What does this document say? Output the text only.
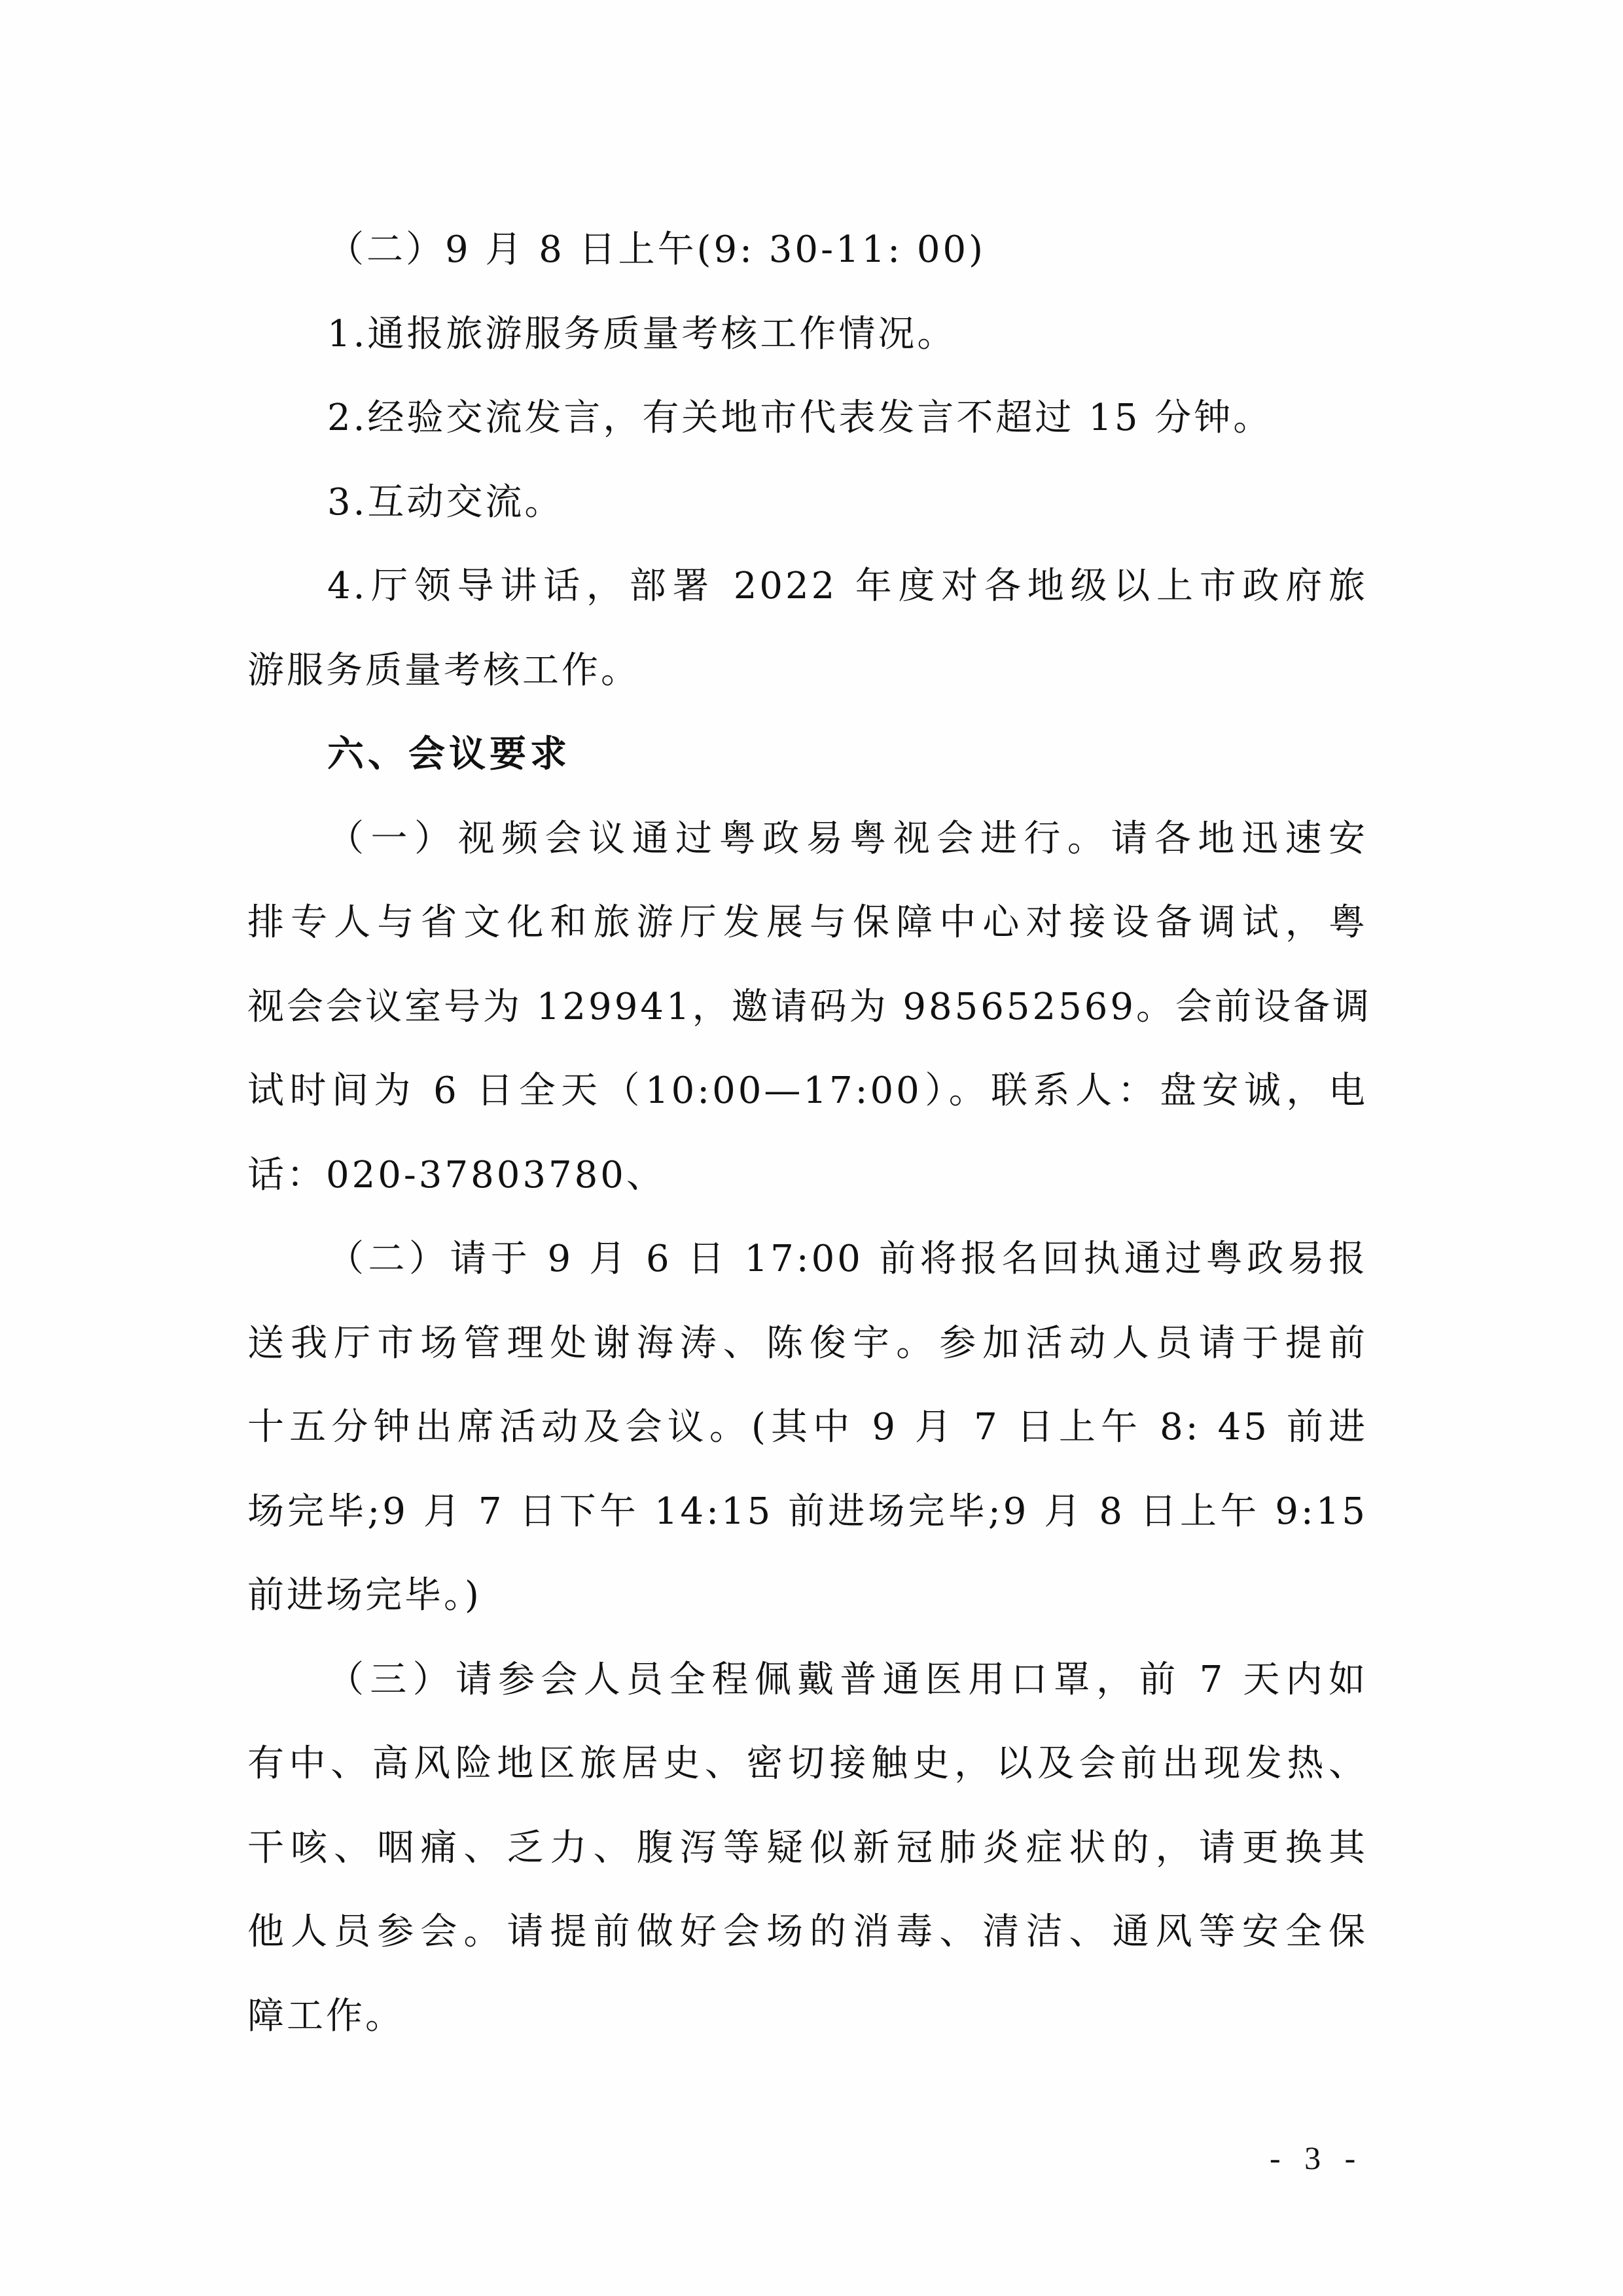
（二）9 月 8 日上午(9: 30-11: 00)
1.通报旅游服务质量考核工作情况。
2.经验交流发言，有关地市代表发言不超过 15 分钟。
3.互动交流。
4.厅领导讲话，部署 2022 年度对各地级以上市政府旅
游服务质量考核工作。
六、会议要求
（一）视频会议通过粤政易粤视会进行。请各地迅速安
排专人与省文化和旅游厅发展与保障中心对接设备调试，粤
视会会议室号为 129941，邀请码为 985652569。会前设备调
试时间为 6 日全天（10:00—17:00）。联系人：盘安诚，电
话：020-37803780、
（二）请于 9 月 6 日 17:00 前将报名回执通过粤政易报
送我厅市场管理处谢海涛、陈俊宇。参加活动人员请于提前
十五分钟出席活动及会议。(其中 9 月 7 日上午 8: 45 前进
场完毕;9 月 7 日下午 14:15 前进场完毕;9 月 8 日上午 9:15
前进场完毕。)
（三）请参会人员全程佩戴普通医用口罩，前 7 天内如
有中、高风险地区旅居史、密切接触史，以及会前出现发热、
干咳、咽痛、乏力、腹泻等疑似新冠肺炎症状的，请更换其
他人员参会。请提前做好会场的消毒、清洁、通风等安全保
障工作。
- 3 -
